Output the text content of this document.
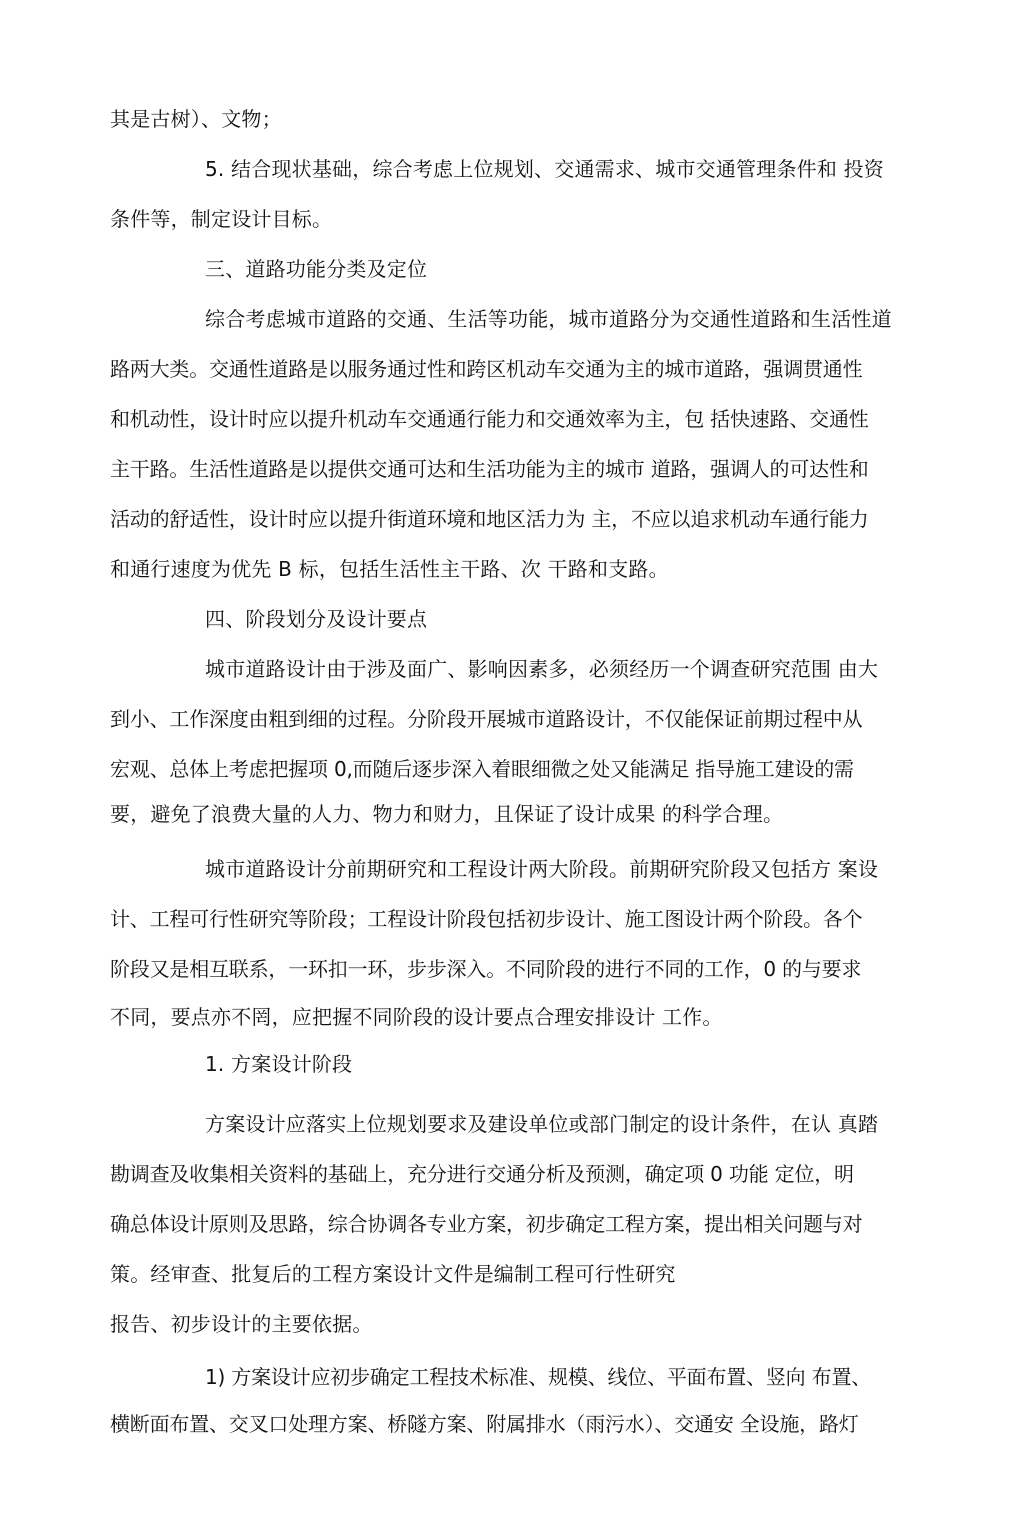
其是古树）、文物；
5. 结合现状基础，综合考虑上位规划、交通需求、城市交通管理条件和 投资
条件等，制定设计目标。
三、道路功能分类及定位
综合考虑城市道路的交通、生活等功能，城市道路分为交通性道路和生活性道
路两大类。交通性道路是以服务通过性和跨区机动车交通为主的城市道路，强调贯通性
和机动性，设计时应以提升机动车交通通行能力和交通效率为主，包 括快速路、交通性
主干路。生活性道路是以提供交通可达和生活功能为主的城市 道路，强调人的可达性和
活动的舒适性，设计时应以提升街道环境和地区活力为 主，不应以追求机动车通行能力
和通行速度为优先 B 标，包括生活性主干路、次 干路和支路。
四、阶段划分及设计要点
城市道路设计由于涉及面广、影响因素多，必须经历一个调查研究范围 由大
到小、工作深度由粗到细的过程。分阶段开展城市道路设计，不仅能保证前期过程中从
宏观、总体上考虑把握项 0,而随后逐步深入着眼细微之处又能满足 指导施工建设的需
要，避免了浪费大量的人力、物力和财力，且保证了设计成果 的科学合理。
城市道路设计分前期研究和工程设计两大阶段。前期研究阶段又包括方 案设
计、工程可行性研究等阶段；工程设计阶段包括初步设计、施工图设计两个阶段。各个
阶段又是相互联系，一环扣一环，步步深入。不同阶段的进行不同的工作，0 的与要求
不同，要点亦不罔，应把握不同阶段的设计要点合理安排设计 工作。
1. 方案设计阶段
方案设计应落实上位规划要求及建设单位或部门制定的设计条件，在认 真踏
勘调查及收集相关资料的基础上，充分进行交通分析及预测，确定项 0 功能 定位，明
确总体设计原则及思路，综合协调各专业方案，初步确定工程方案，提出相关问题与对
策。经审查、批复后的工程方案设计文件是编制工程可行性研究
报告、初步设计的主要依据。
1) 方案设计应初步确定工程技术标准、规模、线位、平面布置、竖向 布置、
横断面布置、交叉口处理方案、桥隧方案、附属排水（雨污水）、交通安 全设施，路灯
